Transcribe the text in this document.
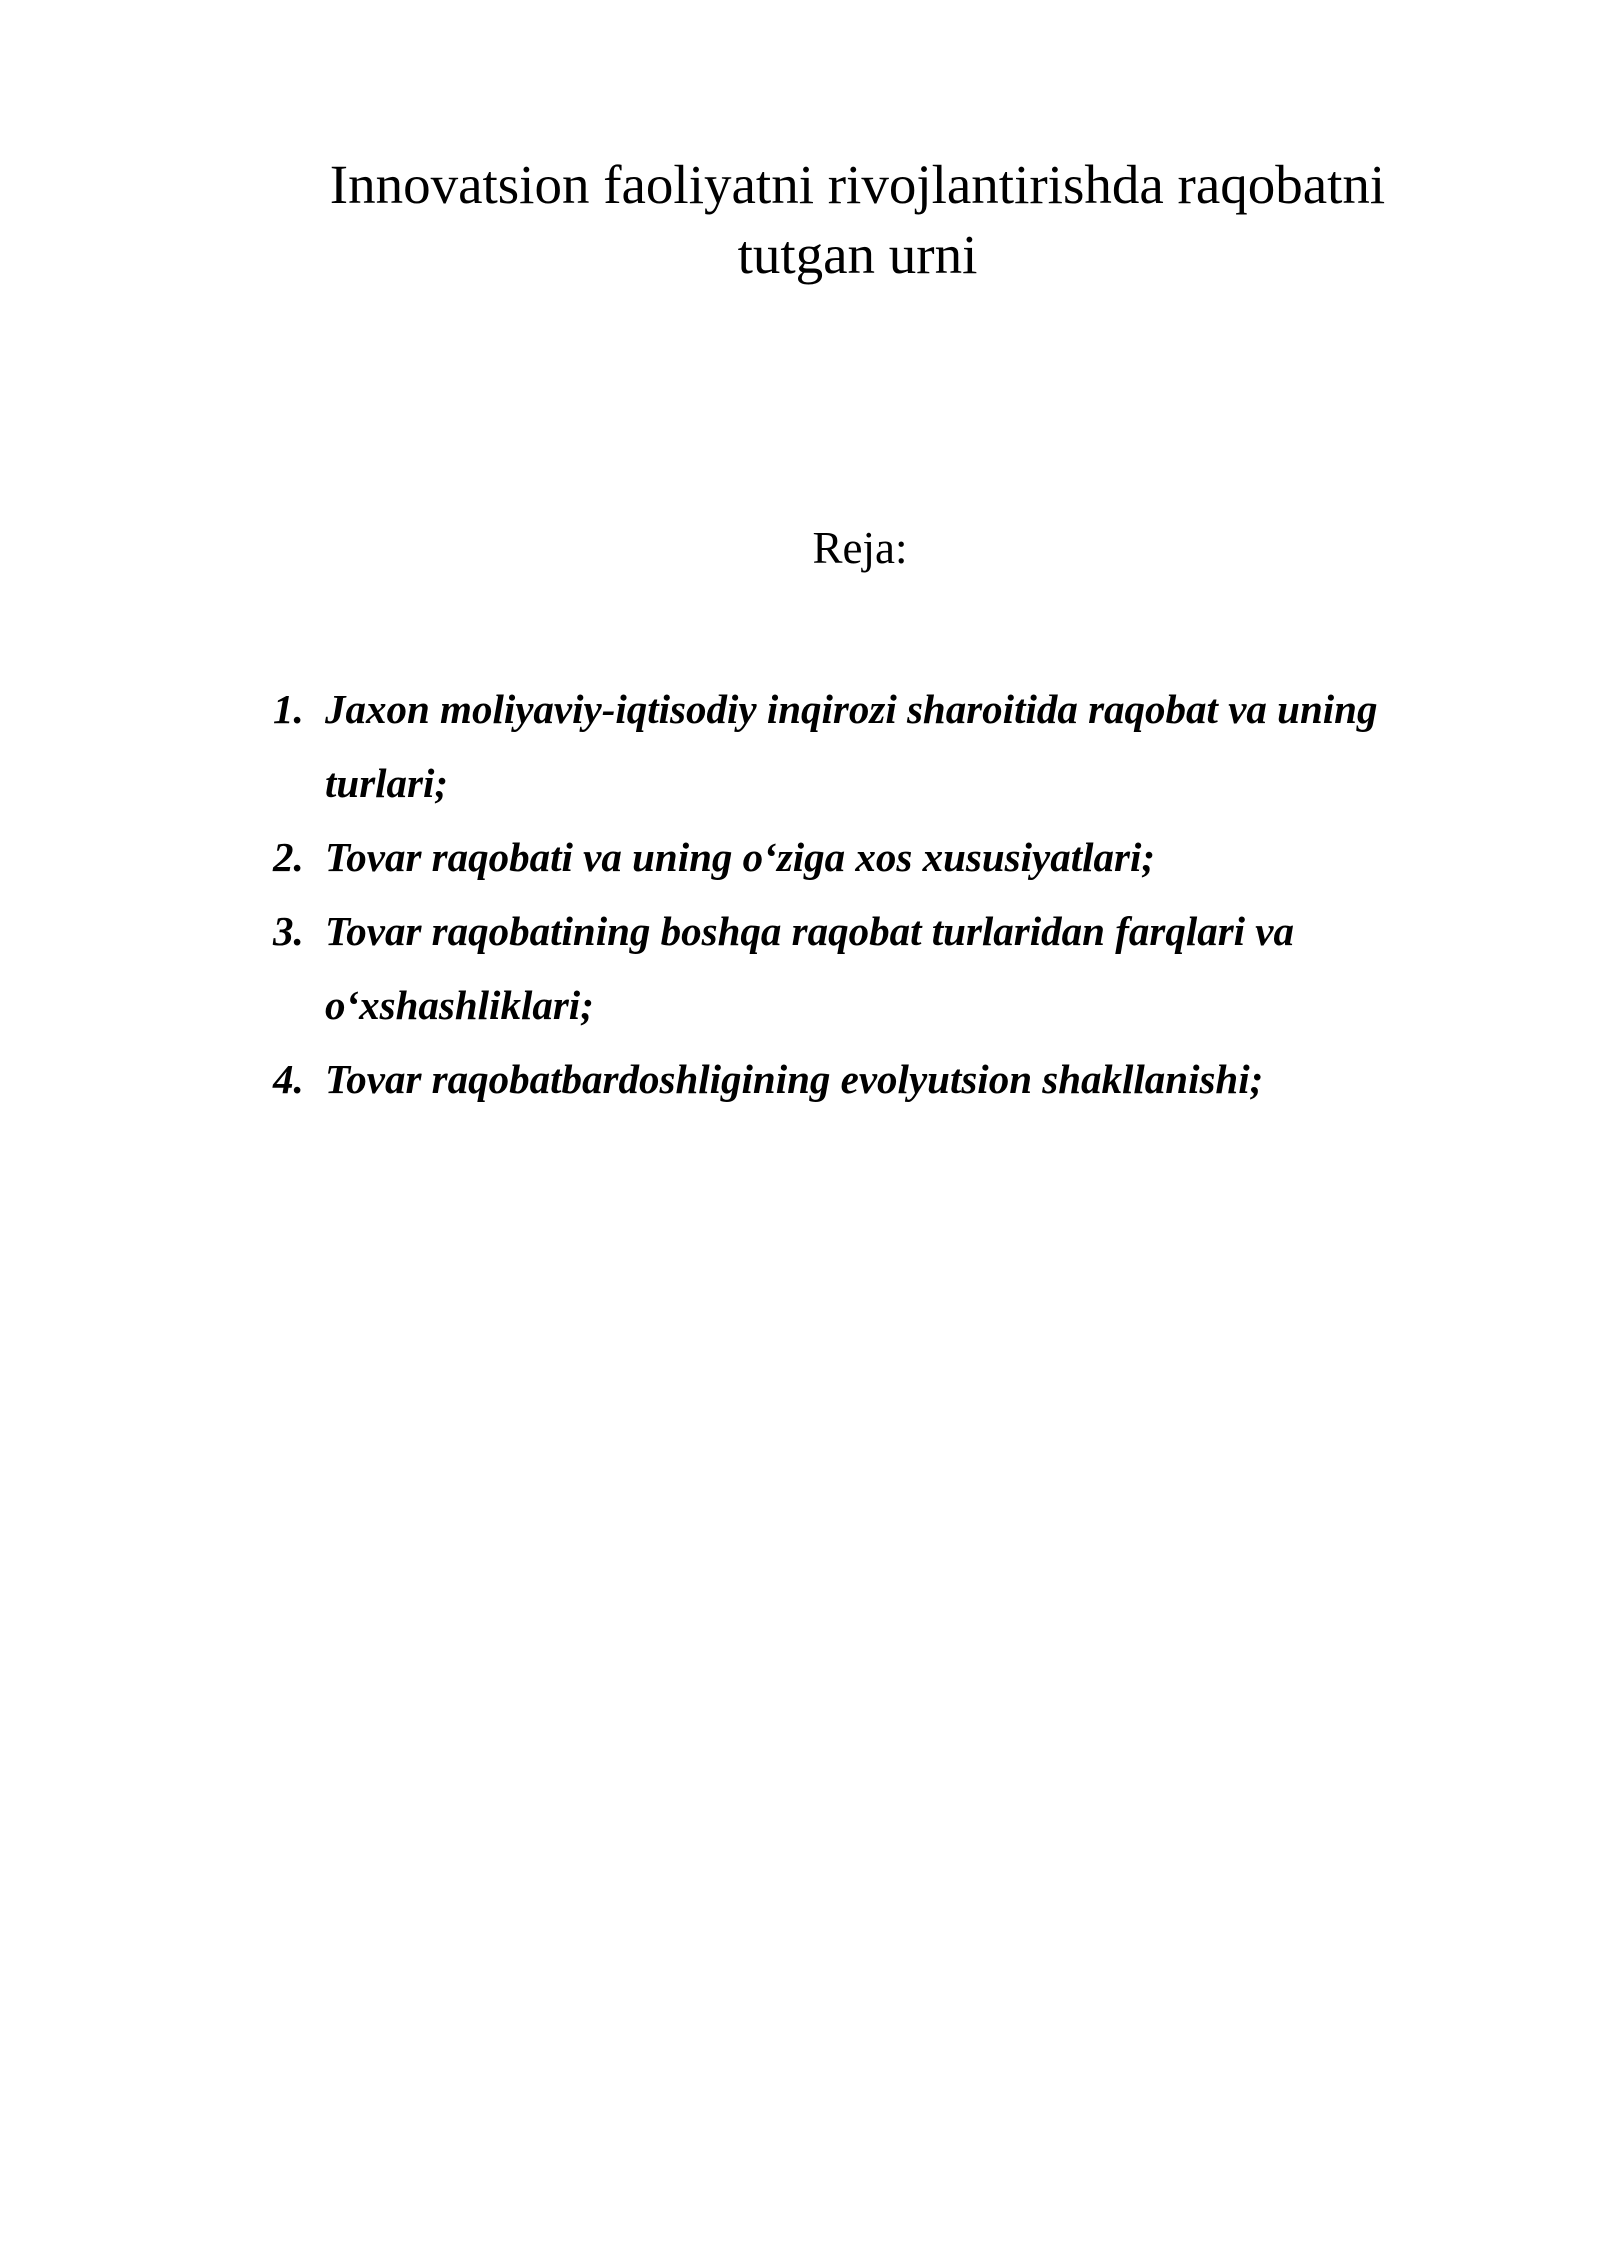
Innovatsion faoliyatni rivojlantirishda raqobatni tutgan urni

Reja:

1. Jaxon moliyaviy-iqtisodiy inqirozi sharoitida raqobat va uning turlari;
2. Tovar raqobati va uning o‘ziga xos xususiyatlari;
3. Tovar raqobatining boshqa raqobat turlaridan farqlari va o‘xshashliklari;
4. Tovar raqobatbardoshligining evolyutsion shakllanishi;
